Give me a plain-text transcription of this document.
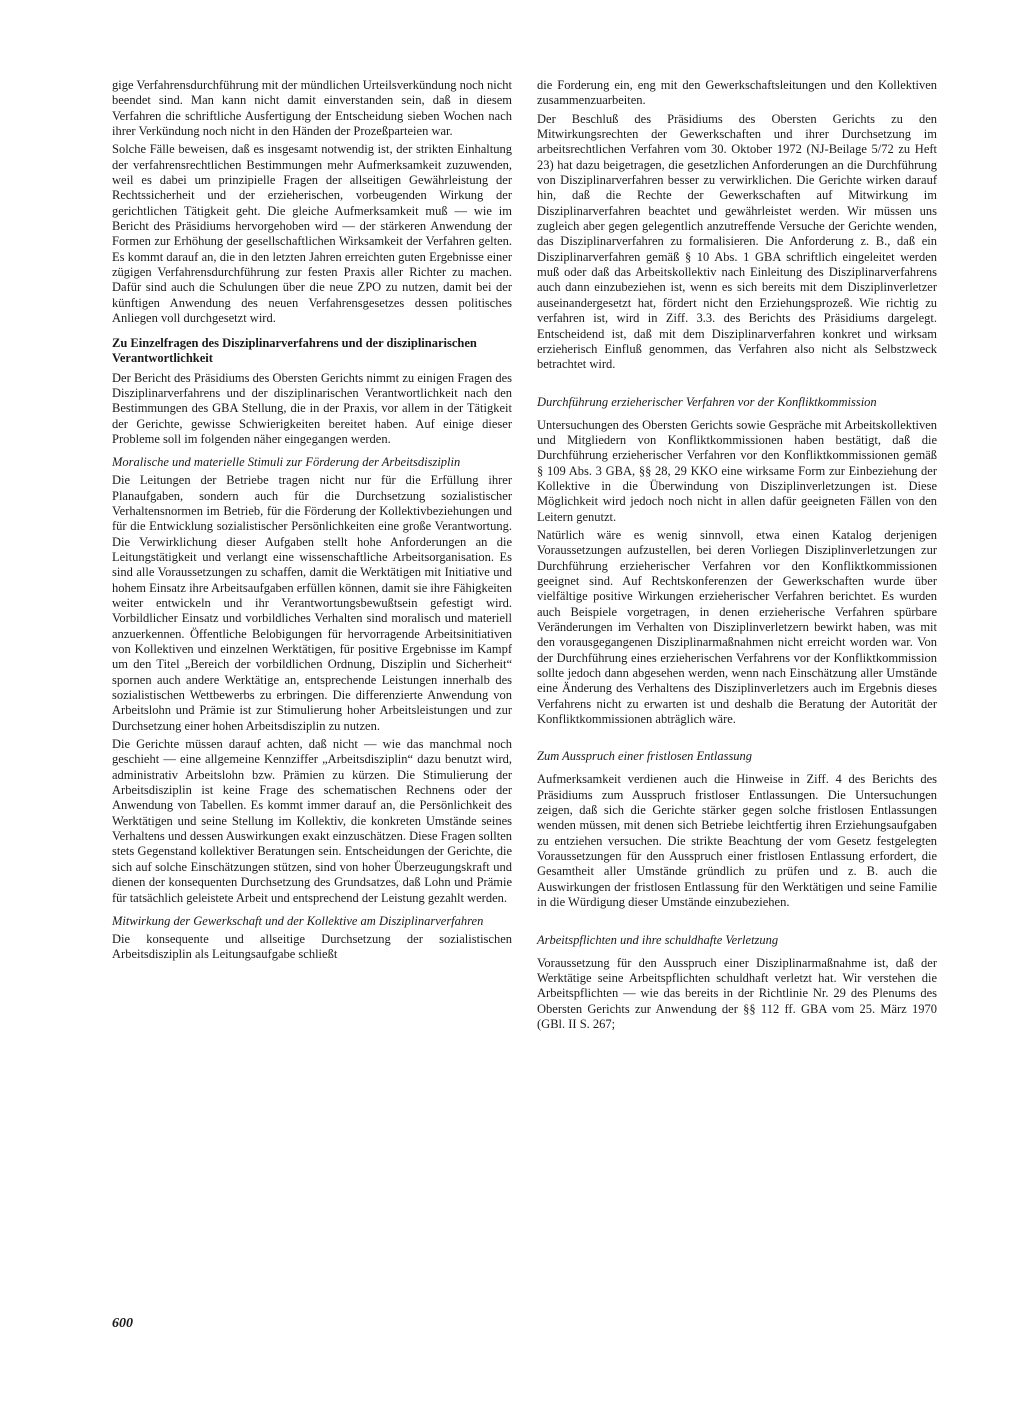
gige Verfahrensdurchführung mit der mündlichen Urteilsverkündung noch nicht beendet sind. Man kann nicht damit einverstanden sein, daß in diesem Verfahren die schriftliche Ausfertigung der Entscheidung sieben Wochen nach ihrer Verkündung noch nicht in den Händen der Prozeßparteien war.

Solche Fälle beweisen, daß es insgesamt notwendig ist, der strikten Einhaltung der verfahrensrechtlichen Bestimmungen mehr Aufmerksamkeit zuzuwenden, weil es dabei um prinzipielle Fragen der allseitigen Gewährleistung der Rechtssicherheit und der erzieherischen, vorbeugenden Wirkung der gerichtlichen Tätigkeit geht. Die gleiche Aufmerksamkeit muß — wie im Bericht des Präsidiums hervorgehoben wird — der stärkeren Anwendung der Formen zur Erhöhung der gesellschaftlichen Wirksamkeit der Verfahren gelten. Es kommt darauf an, die in den letzten Jahren erreichten guten Ergebnisse einer zügigen Verfahrensdurchführung zur festen Praxis aller Richter zu machen. Dafür sind auch die Schulungen über die neue ZPO zu nutzen, damit bei der künftigen Anwendung des neuen Verfahrensgesetzes dessen politisches Anliegen voll durchgesetzt wird.

Zu Einzelfragen des Disziplinarverfahrens und der disziplinarischen Verantwortlichkeit

Der Bericht des Präsidiums des Obersten Gerichts nimmt zu einigen Fragen des Disziplinarverfahrens und der disziplinarischen Verantwortlichkeit nach den Bestimmungen des GBA Stellung, die in der Praxis, vor allem in der Tätigkeit der Gerichte, gewisse Schwierigkeiten bereitet haben. Auf einige dieser Probleme soll im folgenden näher eingegangen werden.

Moralische und materielle Stimuli zur Förderung der Arbeitsdisziplin

Die Leitungen der Betriebe tragen nicht nur für die Erfüllung ihrer Planaufgaben, sondern auch für die Durchsetzung sozialistischer Verhaltensnormen im Betrieb, für die Förderung der Kollektivbeziehungen und für die Entwicklung sozialistischer Persönlichkeiten eine große Verantwortung. Die Verwirklichung dieser Aufgaben stellt hohe Anforderungen an die Leitungstätigkeit und verlangt eine wissenschaftliche Arbeitsorganisation. Es sind alle Voraussetzungen zu schaffen, damit die Werktätigen mit Initiative und hohem Einsatz ihre Arbeitsaufgaben erfüllen können, damit sie ihre Fähigkeiten weiter entwickeln und ihr Verantwortungsbewußtsein gefestigt wird. Vorbildlicher Einsatz und vorbildliches Verhalten sind moralisch und materiell anzuerkennen. Öffentliche Belobigungen für hervorragende Arbeitsinitiativen von Kollektiven und einzelnen Werktätigen, für positive Ergebnisse im Kampf um den Titel „Bereich der vorbildlichen Ordnung, Disziplin und Sicherheit“ spornen auch andere Werktätige an, entsprechende Leistungen innerhalb des sozialistischen Wettbewerbs zu erbringen. Die differenzierte Anwendung von Arbeitslohn und Prämie ist zur Stimulierung hoher Arbeitsleistungen und zur Durchsetzung einer hohen Arbeitsdisziplin zu nutzen.

Die Gerichte müssen darauf achten, daß nicht — wie das manchmal noch geschieht — eine allgemeine Kennziffer „Arbeitsdisziplin“ dazu benutzt wird, administrativ Arbeitslohn bzw. Prämien zu kürzen. Die Stimulierung der Arbeitsdisziplin ist keine Frage des schematischen Rechnens oder der Anwendung von Tabellen. Es kommt immer darauf an, die Persönlichkeit des Werktätigen und seine Stellung im Kollektiv, die konkreten Umstände seines Verhaltens und dessen Auswirkungen exakt einzuschätzen. Diese Fragen sollten stets Gegenstand kollektiver Beratungen sein. Entscheidungen der Gerichte, die sich auf solche Einschätzungen stützen, sind von hoher Überzeugungskraft und dienen der konsequenten Durchsetzung des Grundsatzes, daß Lohn und Prämie für tatsächlich geleistete Arbeit und entsprechend der Leistung gezahlt werden.

Mitwirkung der Gewerkschaft und der Kollektive am Disziplinarverfahren

Die konsequente und allseitige Durchsetzung der sozialistischen Arbeitsdisziplin als Leitungsaufgabe schließt

die Forderung ein, eng mit den Gewerkschaftsleitungen und den Kollektiven zusammenzuarbeiten.

Der Beschluß des Präsidiums des Obersten Gerichts zu den Mitwirkungsrechten der Gewerkschaften und ihrer Durchsetzung im arbeitsrechtlichen Verfahren vom 30. Oktober 1972 (NJ-Beilage 5/72 zu Heft 23) hat dazu beigetragen, die gesetzlichen Anforderungen an die Durchführung von Disziplinarverfahren besser zu verwirklichen. Die Gerichte wirken darauf hin, daß die Rechte der Gewerkschaften auf Mitwirkung im Disziplinarverfahren beachtet und gewährleistet werden. Wir müssen uns zugleich aber gegen gelegentlich anzutreffende Versuche der Gerichte wenden, das Disziplinarverfahren zu formalisieren. Die Anforderung z. B., daß ein Disziplinarverfahren gemäß § 10 Abs. 1 GBA schriftlich eingeleitet werden muß oder daß das Arbeitskollektiv nach Einleitung des Disziplinarverfahrens auch dann einzubeziehen ist, wenn es sich bereits mit dem Disziplinverletzer auseinandergesetzt hat, fördert nicht den Erziehungsprozeß. Wie richtig zu verfahren ist, wird in Ziff. 3.3. des Berichts des Präsidiums dargelegt. Entscheidend ist, daß mit dem Disziplinarverfahren konkret und wirksam erzieherisch Einfluß genommen, das Verfahren also nicht als Selbstzweck betrachtet wird.

Durchführung erzieherischer Verfahren vor der Konfliktkommission

Untersuchungen des Obersten Gerichts sowie Gespräche mit Arbeitskollektiven und Mitgliedern von Konfliktkommissionen haben bestätigt, daß die Durchführung erzieherischer Verfahren vor den Konfliktkommissionen gemäß § 109 Abs. 3 GBA, §§ 28, 29 KKO eine wirksame Form zur Einbeziehung der Kollektive in die Überwindung von Disziplinverletzungen ist. Diese Möglichkeit wird jedoch noch nicht in allen dafür geeigneten Fällen von den Leitern genutzt.

Natürlich wäre es wenig sinnvoll, etwa einen Katalog derjenigen Voraussetzungen aufzustellen, bei deren Vorliegen Disziplinverletzungen zur Durchführung erzieherischer Verfahren vor den Konfliktkommissionen geeignet sind. Auf Rechtskonferenzen der Gewerkschaften wurde über vielfältige positive Wirkungen erzieherischer Verfahren berichtet. Es wurden auch Beispiele vorgetragen, in denen erzieherische Verfahren spürbare Veränderungen im Verhalten von Disziplinverletzern bewirkt haben, was mit den vorausgegangenen Disziplinarmaßnahmen nicht erreicht worden war. Von der Durchführung eines erzieherischen Verfahrens vor der Konfliktkommission sollte jedoch dann abgesehen werden, wenn nach Einschätzung aller Umstände eine Änderung des Verhaltens des Disziplinverletzers auch im Ergebnis dieses Verfahrens nicht zu erwarten ist und deshalb die Beratung der Autorität der Konfliktkommissionen abträglich wäre.

Zum Ausspruch einer fristlosen Entlassung

Aufmerksamkeit verdienen auch die Hinweise in Ziff. 4 des Berichts des Präsidiums zum Ausspruch fristloser Entlassungen. Die Untersuchungen zeigen, daß sich die Gerichte stärker gegen solche fristlosen Entlassungen wenden müssen, mit denen sich Betriebe leichtfertig ihren Erziehungsaufgaben zu entziehen versuchen. Die strikte Beachtung der vom Gesetz festgelegten Voraussetzungen für den Ausspruch einer fristlosen Entlassung erfordert, die Gesamtheit aller Umstände gründlich zu prüfen und z. B. auch die Auswirkungen der fristlosen Entlassung für den Werktätigen und seine Familie in die Würdigung dieser Umstände einzubeziehen.

Arbeitspflichten und ihre schuldhafte Verletzung

Voraussetzung für den Ausspruch einer Disziplinarmaßnahme ist, daß der Werktätige seine Arbeitspflichten schuldhaft verletzt hat. Wir verstehen die Arbeitspflichten — wie das bereits in der Richtlinie Nr. 29 des Plenums des Obersten Gerichts zur Anwendung der §§ 112 ff. GBA vom 25. März 1970 (GBl. II S. 267;

600
